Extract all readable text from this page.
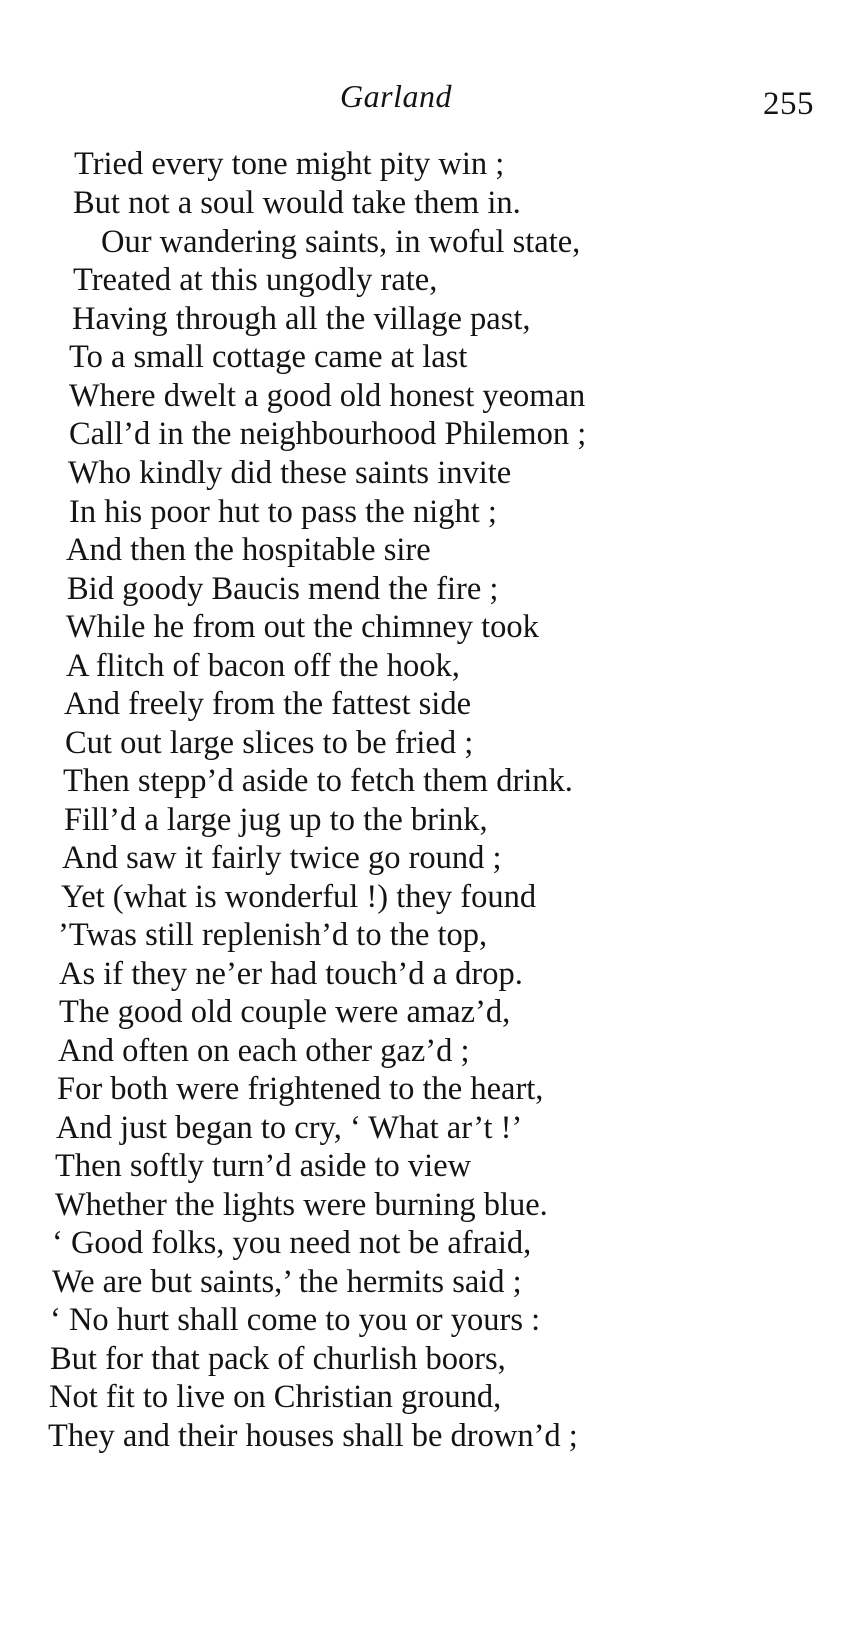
Garland	255
Tried every tone might pity win ;
But not a soul would take them in.
Our wandering saints, in woful state,
Treated at this ungodly rate,
Having through all the village past,
To a small cottage came at last
Where dwelt a good old honest yeoman
Call’d in the neighbourhood Philemon ;
Who kindly did these saints invite
In his poor hut to pass the night ;
And then the hospitable sire
Bid goody Baucis mend the fire ;
While he from out the chimney took
A flitch of bacon off the hook,
And freely from the fattest side
Cut out large slices to be fried ;
Then stepp’d aside to fetch them drink.
Fill’d a large jug up to the brink,
And saw it fairly twice go round ;
Yet (what is wonderful !) they found
’Twas still replenish’d to the top,
As if they ne’er had touch’d a drop.
The good old couple were amaz’d,
And often on each other gaz’d ;
For both were frightened to the heart,
And just began to cry, ‘ What ar’t !’
Then softly turn’d aside to view
Whether the lights were burning blue.
‘ Good folks, you need not be afraid,
We are but saints,’ the hermits said ;
‘ No hurt shall come to you or yours :
But for that pack of churlish boors,
Not fit to live on Christian ground,
They and their houses shall be drown’d ;
